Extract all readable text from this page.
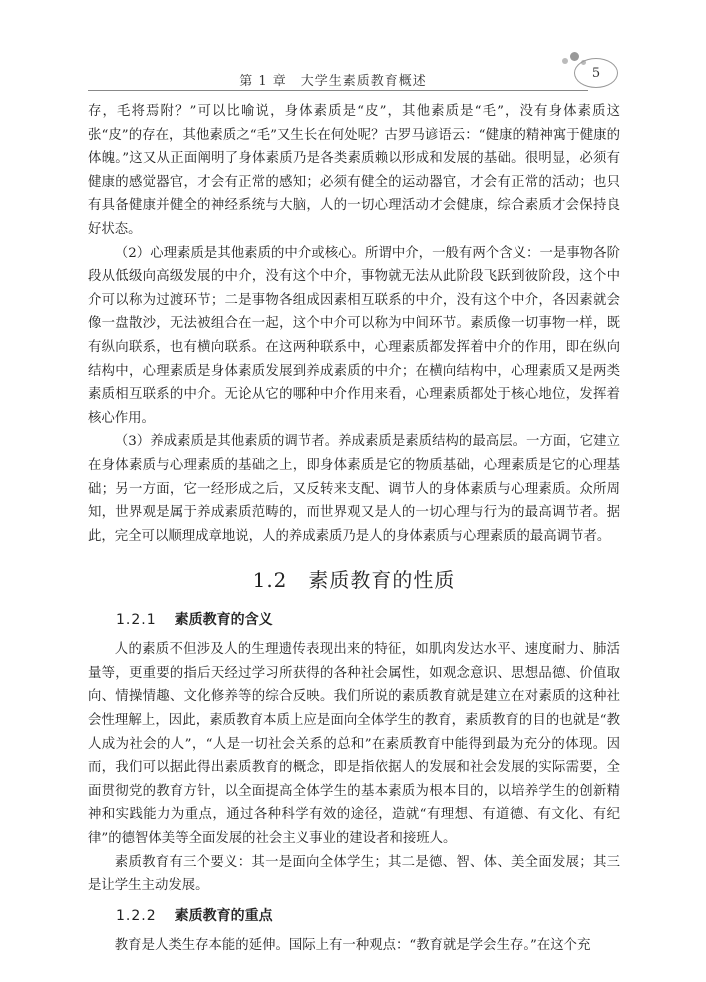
第 1 章　大学生素质教育概述
5

存，毛将焉附？”可以比喻说，身体素质是“皮”，其他素质是“毛”，没有身体素质这张“皮”的存在，其他素质之“毛”又生长在何处呢？古罗马谚语云：“健康的精神寓于健康的体魄。”这又从正面阐明了身体素质乃是各类素质赖以形成和发展的基础。很明显，必须有健康的感觉器官，才会有正常的感知；必须有健全的运动器官，才会有正常的活动；也只有具备健康并健全的神经系统与大脑，人的一切心理活动才会健康，综合素质才会保持良好状态。

（2）心理素质是其他素质的中介或核心。所谓中介，一般有两个含义：一是事物各阶段从低级向高级发展的中介，没有这个中介，事物就无法从此阶段飞跃到彼阶段，这个中介可以称为过渡环节；二是事物各组成因素相互联系的中介，没有这个中介，各因素就会像一盘散沙，无法被组合在一起，这个中介可以称为中间环节。素质像一切事物一样，既有纵向联系，也有横向联系。在这两种联系中，心理素质都发挥着中介的作用，即在纵向结构中，心理素质是身体素质发展到养成素质的中介；在横向结构中，心理素质又是两类素质相互联系的中介。无论从它的哪种中介作用来看，心理素质都处于核心地位，发挥着核心作用。

（3）养成素质是其他素质的调节者。养成素质是素质结构的最高层。一方面，它建立在身体素质与心理素质的基础之上，即身体素质是它的物质基础，心理素质是它的心理基础；另一方面，它一经形成之后，又反转来支配、调节人的身体素质与心理素质。众所周知，世界观是属于养成素质范畴的，而世界观又是人的一切心理与行为的最高调节者。据此，完全可以顺理成章地说，人的养成素质乃是人的身体素质与心理素质的最高调节者。

1.2　素质教育的性质
1.2.1 素质教育的含义

人的素质不但涉及人的生理遗传表现出来的特征，如肌肉发达水平、速度耐力、肺活量等，更重要的指后天经过学习所获得的各种社会属性，如观念意识、思想品德、价值取向、情操情趣、文化修养等的综合反映。我们所说的素质教育就是建立在对素质的这种社会性理解上，因此，素质教育本质上应是面向全体学生的教育，素质教育的目的也就是“教人成为社会的人”，“人是一切社会关系的总和”在素质教育中能得到最为充分的体现。因而，我们可以据此得出素质教育的概念，即是指依据人的发展和社会发展的实际需要，全面贯彻党的教育方针，以全面提高全体学生的基本素质为根本目的，以培养学生的创新精神和实践能力为重点，通过各种科学有效的途径，造就“有理想、有道德、有文化、有纪律”的德智体美等全面发展的社会主义事业的建设者和接班人。

素质教育有三个要义：其一是面向全体学生；其二是德、智、体、美全面发展；其三是让学生主动发展。

1.2.2 素质教育的重点

教育是人类生存本能的延伸。国际上有一种观点：“教育就是学会生存。”在这个充
